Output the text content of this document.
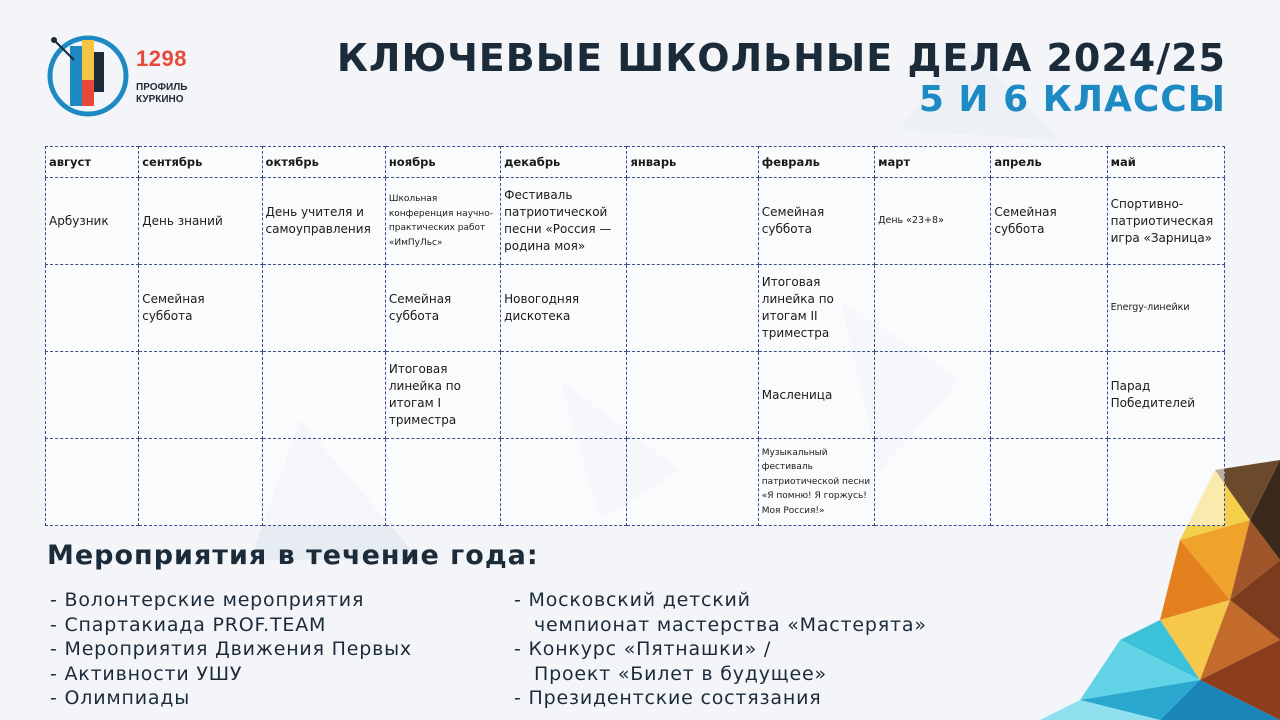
1298
ПРОФИЛЬ
КУРКИНО
КЛЮЧЕВЫЕ ШКОЛЬНЫЕ ДЕЛА 2024/25
5 И 6 КЛАССЫ
август	сентябрь	октябрь	ноябрь	декабрь	январь	февраль	март	апрель	май
Арбузник	День знаний	День учителя и самоуправления	Школьная конференция научно-практических работ «ИмПуЛьс»	Фестиваль патриотической песни «Россия — родина моя»		Семейная суббота	День «23+8»	Семейная суббота	Спортивно-патриотическая игра «Зарница»
	Семейная суббота		Семейная суббота	Новогодняя дискотека		Итоговая линейка по итогам II триместра			Energy-линейки
			Итоговая линейка по итогам I триместра			Масленица			Парад Победителей
						Музыкальный фестиваль патриотической песни «Я помню! Я горжусь! Моя Россия!»			
Мероприятия в течение года:
- Волонтерские мероприятия
- Спартакиада PROF.TEAM
- Мероприятия Движения Первых
- Активности УШУ
- Олимпиады
- Московский детский
чемпионат мастерства «Мастерята»
- Конкурс «Пятнашки» /
Проект «Билет в будущее»
- Президентские состязания
